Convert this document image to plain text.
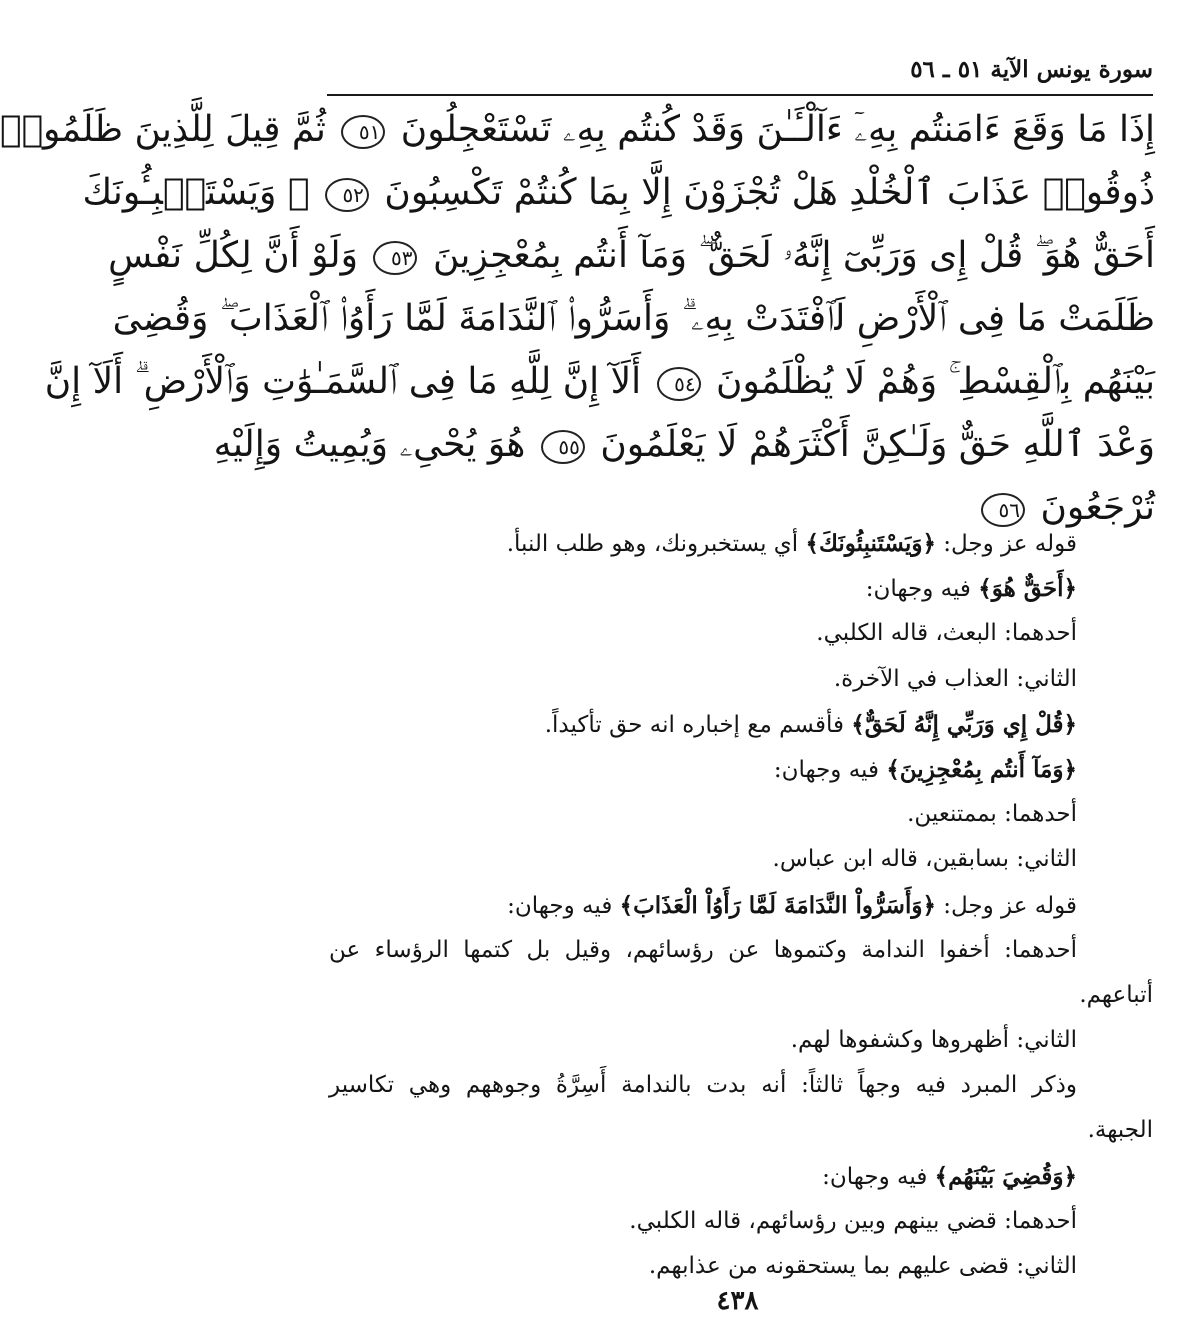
سورة يونس الآية ٥١ ـ ٥٦
إِذَا مَا وَقَعَ ءَامَنتُم بِهِۦٓ ءَآلْـَٔـٰنَ وَقَدْ كُنتُم بِهِۦ تَسْتَعْجِلُونَ ٥١ ثُمَّ قِيلَ لِلَّذِينَ ظَلَمُوا۟
ذُوقُوا۟ عَذَابَ ٱلْخُلْدِ هَلْ تُجْزَوْنَ إِلَّا بِمَا كُنتُمْ تَكْسِبُونَ ٥٢ ۞ وَيَسْتَنۢبِـُٔونَكَ
أَحَقٌّ هُوَ ۖ قُلْ إِى وَرَبِّىٓ إِنَّهُۥ لَحَقٌّ ۖ وَمَآ أَنتُم بِمُعْجِزِينَ ٥٣ وَلَوْ أَنَّ لِكُلِّ نَفْسٍ
ظَلَمَتْ مَا فِى ٱلْأَرْضِ لَٱفْتَدَتْ بِهِۦ ۗ وَأَسَرُّوا۟ ٱلنَّدَامَةَ لَمَّا رَأَوُا۟ ٱلْعَذَابَ ۖ وَقُضِىَ
بَيْنَهُم بِٱلْقِسْطِ ۚ وَهُمْ لَا يُظْلَمُونَ ٥٤ أَلَآ إِنَّ لِلَّهِ مَا فِى ٱلسَّمَـٰوَٰتِ وَٱلْأَرْضِ ۗ أَلَآ إِنَّ
وَعْدَ ٱللَّهِ حَقٌّ وَلَـٰكِنَّ أَكْثَرَهُمْ لَا يَعْلَمُونَ ٥٥ هُوَ يُحْىِۦ وَيُمِيتُ وَإِلَيْهِ
تُرْجَعُونَ ٥٦
قوله عز وجل: ﴿وَيَسْتَنبِئُونَكَ﴾ أي يستخبرونك، وهو طلب النبأ.
﴿أَحَقٌّ هُوَ﴾ فيه وجهان:
أحدهما: البعث، قاله الكلبي.
الثاني: العذاب في الآخرة.
﴿قُلْ إِي وَرَبِّي إِنَّهُ لَحَقٌّ﴾ فأقسم مع إخباره انه حق تأكيداً.
﴿وَمَآ أَنتُم بِمُعْجِزِينَ﴾ فيه وجهان:
أحدهما: بممتنعين.
الثاني: بسابقين، قاله ابن عباس.
قوله عز وجل: ﴿وَأَسَرُّواْ النَّدَامَةَ لَمَّا رَأَوُاْ الْعَذَابَ﴾ فيه وجهان:
أحدهما: أخفوا الندامة وكتموها عن رؤسائهم، وقيل بل كتمها الرؤساء عن
أتباعهم.
الثاني: أظهروها وكشفوها لهم.
وذكر المبرد فيه وجهاً ثالثاً: أنه بدت بالندامة أَسِرَّةُ وجوههم وهي تكاسير
الجبهة.
﴿وَقُضِيَ بَيْنَهُم﴾ فيه وجهان:
أحدهما: قضي بينهم وبين رؤسائهم، قاله الكلبي.
الثاني: قضى عليهم بما يستحقونه من عذابهم.
٤٣٨
